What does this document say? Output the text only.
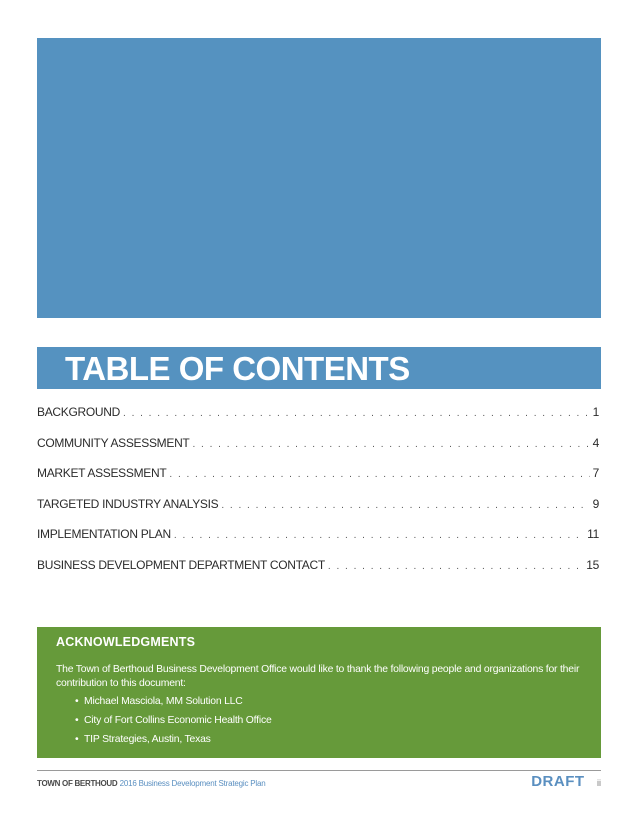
TABLE OF CONTENTS
BACKGROUND . . .	1
COMMUNITY ASSESSMENT . . .	4
MARKET ASSESSMENT . . .	7
TARGETED INDUSTRY ANALYSIS . . .	9
IMPLEMENTATION PLAN . . .	11
BUSINESS DEVELOPMENT DEPARTMENT CONTACT . . .	15
ACKNOWLEDGMENTS
The Town of Berthoud Business Development Office would like to thank the following people and organizations for their contribution to this document:
• Michael Masciola, MM Solution LLC
• City of Fort Collins Economic Health Office
• TIP Strategies, Austin, Texas
TOWN OF BERTHOUD 2016 Business Development Strategic Plan	DRAFT ii
